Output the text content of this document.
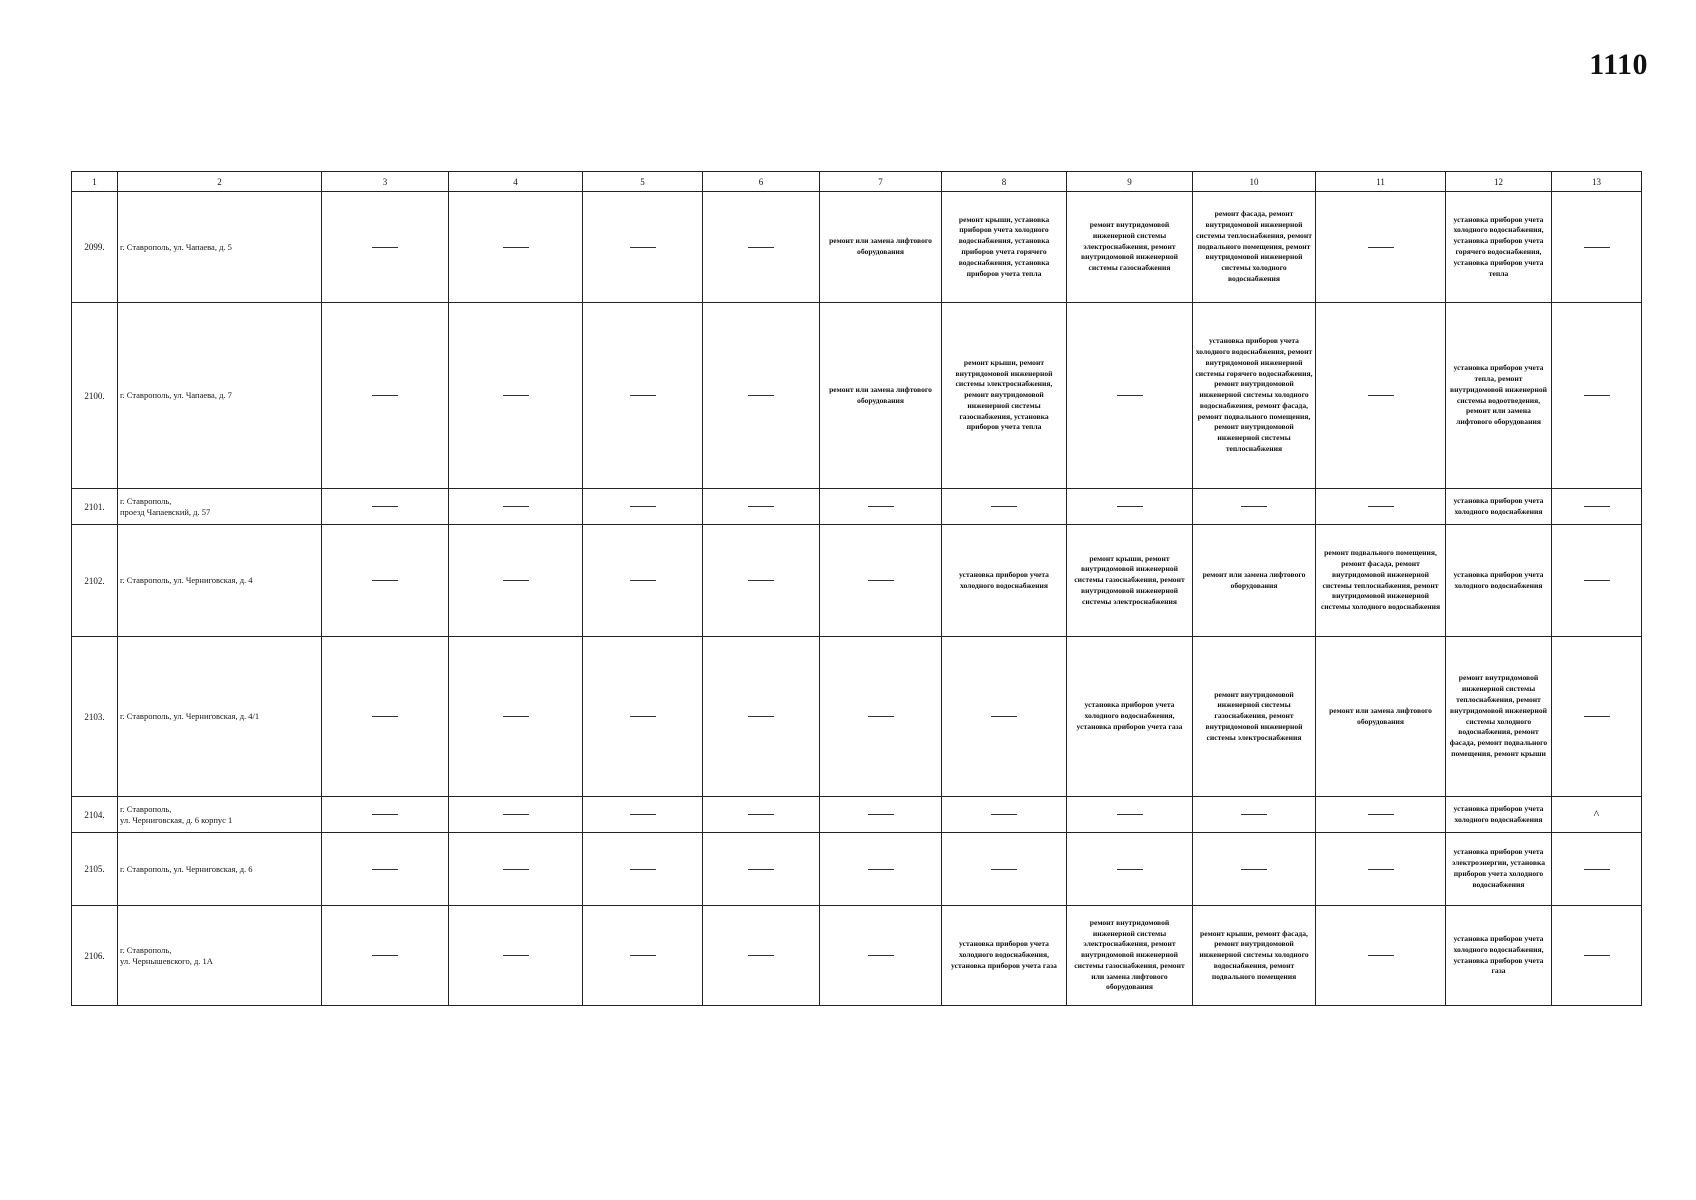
1110
1	2	3	4	5	6	7	8	9	10	11	12	13
2099.	г. Ставрополь, ул. Чапаева, д. 5					ремонт или замена лифтового оборудования	ремонт крыши, установка приборов учета холодного водоснабжения, установка приборов учета горячего водоснабжения, установка приборов учета тепла	ремонт внутридомовой инженерной системы электроснабжения, ремонт внутридомовой инженерной системы газоснабжения	ремонт фасада, ремонт внутридомовой инженерной системы теплоснабжения, ремонт подвального помещения, ремонт внутридомовой инженерной системы холодного водоснабжения		установка приборов учета холодного водоснабжения, установка приборов учета горячего водоснабжения, установка приборов учета тепла	
2100.	г. Ставрополь, ул. Чапаева, д. 7					ремонт или замена лифтового оборудования	ремонт крыши, ремонт внутридомовой инженерной системы электроснабжения, ремонт внутридомовой инженерной системы газоснабжения, установка приборов учета тепла		установка приборов учета холодного водоснабжения, ремонт внутридомовой инженерной системы горячего водоснабжения, ремонт внутридомовой инженерной системы холодного водоснабжения, ремонт фасада, ремонт подвального помещения, ремонт внутридомовой инженерной системы теплоснабжения		установка приборов учета тепла, ремонт внутридомовой инженерной системы водоотведения, ремонт или замена лифтового оборудования	
2101.	г. Ставрополь,
проезд Чапаевский, д. 57										установка приборов учета холодного водоснабжения	
2102.	г. Ставрополь, ул. Черниговская, д. 4						установка приборов учета холодного водоснабжения	ремонт крыши, ремонт внутридомовой инженерной системы газоснабжения, ремонт внутридомовой инженерной системы электроснабжения	ремонт или замена лифтового оборудования	ремонт подвального помещения, ремонт фасада, ремонт внутридомовой инженерной системы теплоснабжения, ремонт внутридомовой инженерной системы холодного водоснабжения	установка приборов учета холодного водоснабжения	
2103.	г. Ставрополь, ул. Черниговская, д. 4/1							установка приборов учета холодного водоснабжения, установка приборов учета газа	ремонт внутридомовой инженерной системы газоснабжения, ремонт внутридомовой инженерной системы электроснабжения	ремонт или замена лифтового оборудования	ремонт внутридомовой инженерной системы теплоснабжения, ремонт внутридомовой инженерной системы холодного водоснабжения, ремонт фасада, ремонт подвального помещения, ремонт крыши	
2104.	г. Ставрополь,
ул. Черниговская, д. 6 корпус 1										установка приборов учета холодного водоснабжения	^
2105.	г. Ставрополь, ул. Черниговская, д. 6										установка приборов учета электроэнергии, установка приборов учета холодного водоснабжения	
2106.	г. Ставрополь,
ул. Чернышевского, д. 1А						установка приборов учета холодного водоснабжения, установка приборов учета газа	ремонт внутридомовой инженерной системы электроснабжения, ремонт внутридомовой инженерной системы газоснабжения, ремонт или замена лифтового оборудования	ремонт крыши, ремонт фасада, ремонт внутридомовой инженерной системы холодного водоснабжения, ремонт подвального помещения		установка приборов учета холодного водоснабжения, установка приборов учета газа	
